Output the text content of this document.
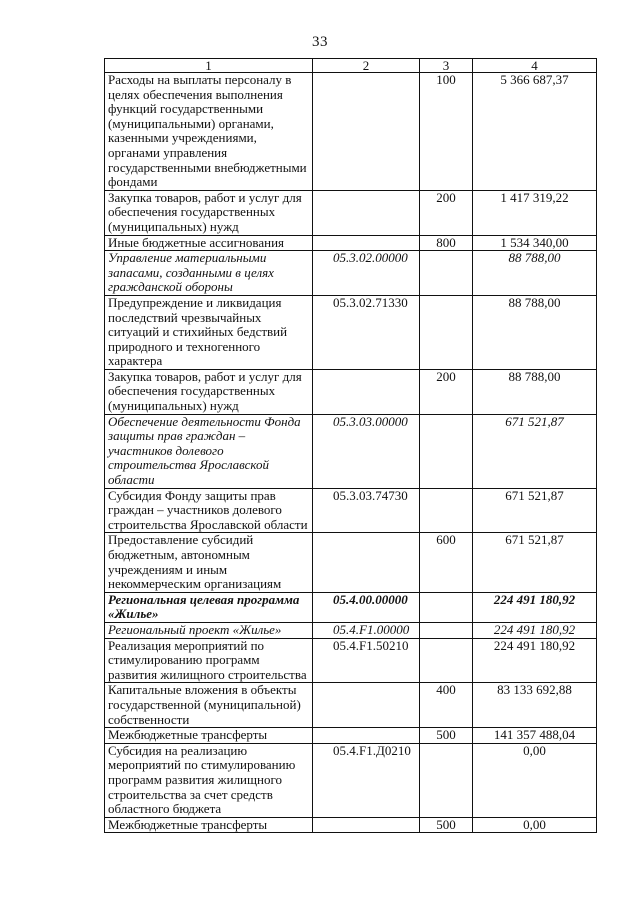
33
1	2	3	4
Расходы на выплаты персоналу в целях обеспечения выполнения функций государственными (муниципальными) органами, казенными учреждениями, органами управления государственными внебюджетными фондами		100	5 366 687,37
Закупка товаров, работ и услуг для обеспечения государственных (муниципальных) нужд		200	1 417 319,22
Иные бюджетные ассигнования		800	1 534 340,00
Управление материальными запасами, созданными в целях гражданской обороны	05.3.02.00000		88 788,00
Предупреждение и ликвидация последствий чрезвычайных ситуаций и стихийных бедствий природного и техногенного характера	05.3.02.71330		88 788,00
Закупка товаров, работ и услуг для обеспечения государственных (муниципальных) нужд		200	88 788,00
Обеспечение деятельности Фонда защиты прав граждан – участников долевого строительства Ярославской области	05.3.03.00000		671 521,87
Субсидия Фонду защиты прав граждан – участников долевого строительства Ярославской области	05.3.03.74730		671 521,87
Предоставление субсидий бюджетным, автономным учреждениям и иным некоммерческим организациям		600	671 521,87
Региональная целевая программа «Жилье»	05.4.00.00000		224 491 180,92
Региональный проект «Жилье»	05.4.F1.00000		224 491 180,92
Реализация мероприятий по стимулированию программ развития жилищного строительства	05.4.F1.50210		224 491 180,92
Капитальные вложения в объекты государственной (муниципальной) собственности		400	83 133 692,88
Межбюджетные трансферты		500	141 357 488,04
Субсидия на реализацию мероприятий по стимулированию программ развития жилищного строительства за счет средств областного бюджета	05.4.F1.Д0210		0,00
Межбюджетные трансферты		500	0,00
